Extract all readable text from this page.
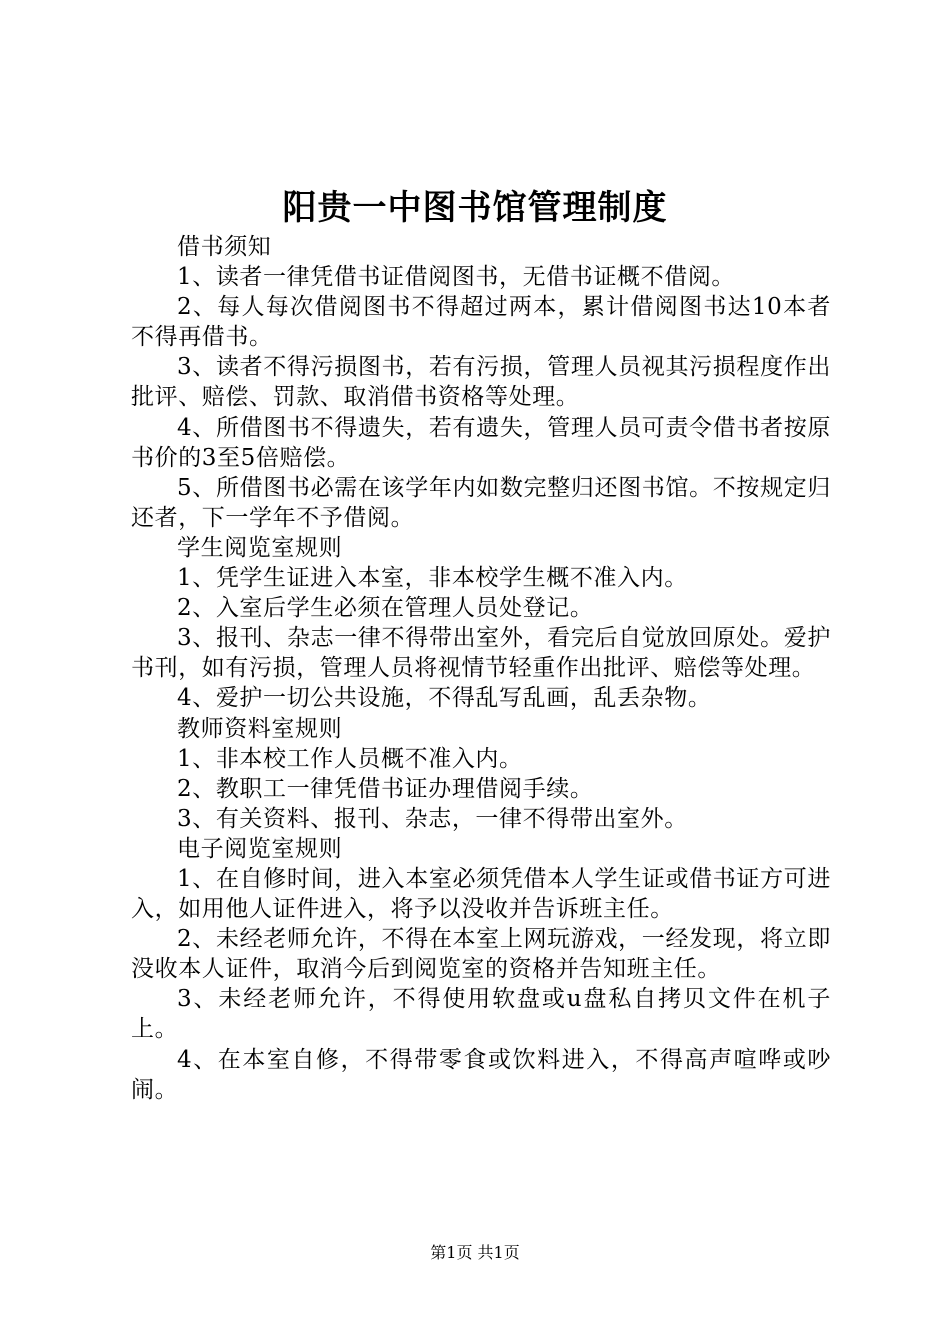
阳贵一中图书馆管理制度

借书须知

1、读者一律凭借书证借阅图书，无借书证概不借阅。

2、每人每次借阅图书不得超过两本，累计借阅图书达10本者不得再借书。

3、读者不得污损图书，若有污损，管理人员视其污损程度作出批评、赔偿、罚款、取消借书资格等处理。

4、所借图书不得遗失，若有遗失，管理人员可责令借书者按原书价的3至5倍赔偿。

5、所借图书必需在该学年内如数完整归还图书馆。不按规定归还者，下一学年不予借阅。

学生阅览室规则

1、凭学生证进入本室，非本校学生概不准入内。

2、入室后学生必须在管理人员处登记。

3、报刊、杂志一律不得带出室外，看完后自觉放回原处。爱护书刊，如有污损，管理人员将视情节轻重作出批评、赔偿等处理。

4、爱护一切公共设施，不得乱写乱画，乱丢杂物。

教师资料室规则

1、非本校工作人员概不准入内。

2、教职工一律凭借书证办理借阅手续。

3、有关资料、报刊、杂志，一律不得带出室外。

电子阅览室规则

1、在自修时间，进入本室必须凭借本人学生证或借书证方可进入，如用他人证件进入，将予以没收并告诉班主任。

2、未经老师允许，不得在本室上网玩游戏，一经发现，将立即没收本人证件，取消今后到阅览室的资格并告知班主任。

3、未经老师允许，不得使用软盘或u盘私自拷贝文件在机子上。

4、在本室自修，不得带零食或饮料进入，不得高声喧哗或吵闹。

第1页 共1页
